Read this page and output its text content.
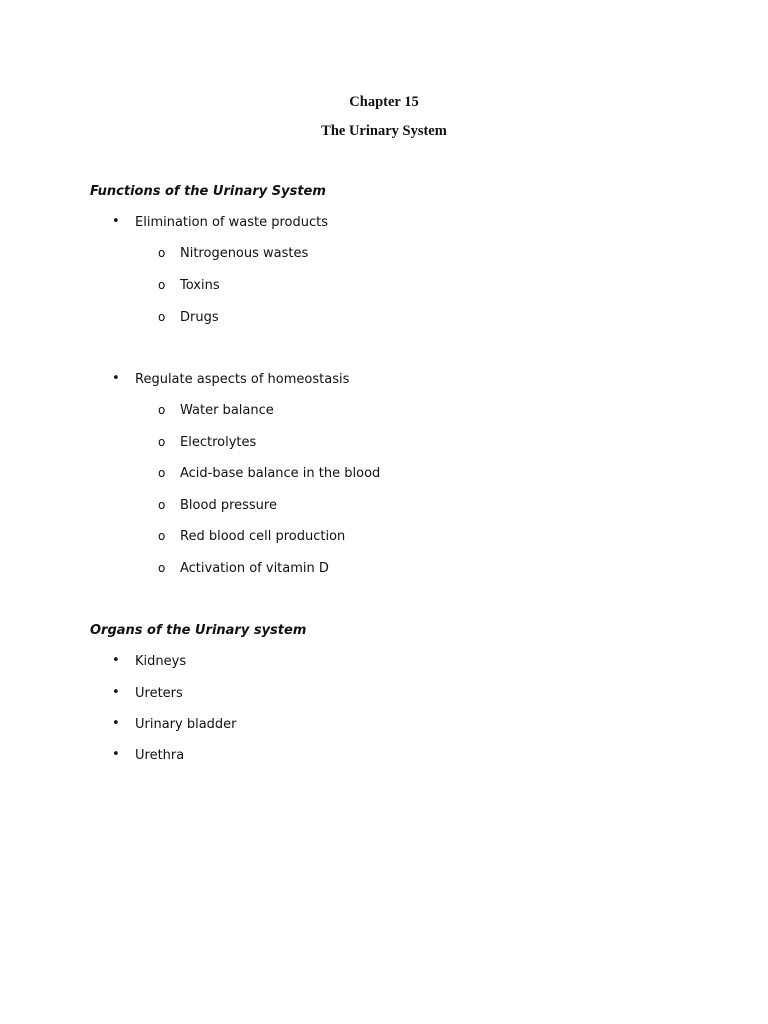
Chapter 15
The Urinary System
Functions of the Urinary System
• Elimination of waste products
o Nitrogenous wastes
o Toxins
o Drugs
• Regulate aspects of homeostasis
o Water balance
o Electrolytes
o Acid-base balance in the blood
o Blood pressure
o Red blood cell production
o Activation of vitamin D
Organs of the Urinary system
• Kidneys
• Ureters
• Urinary bladder
• Urethra
